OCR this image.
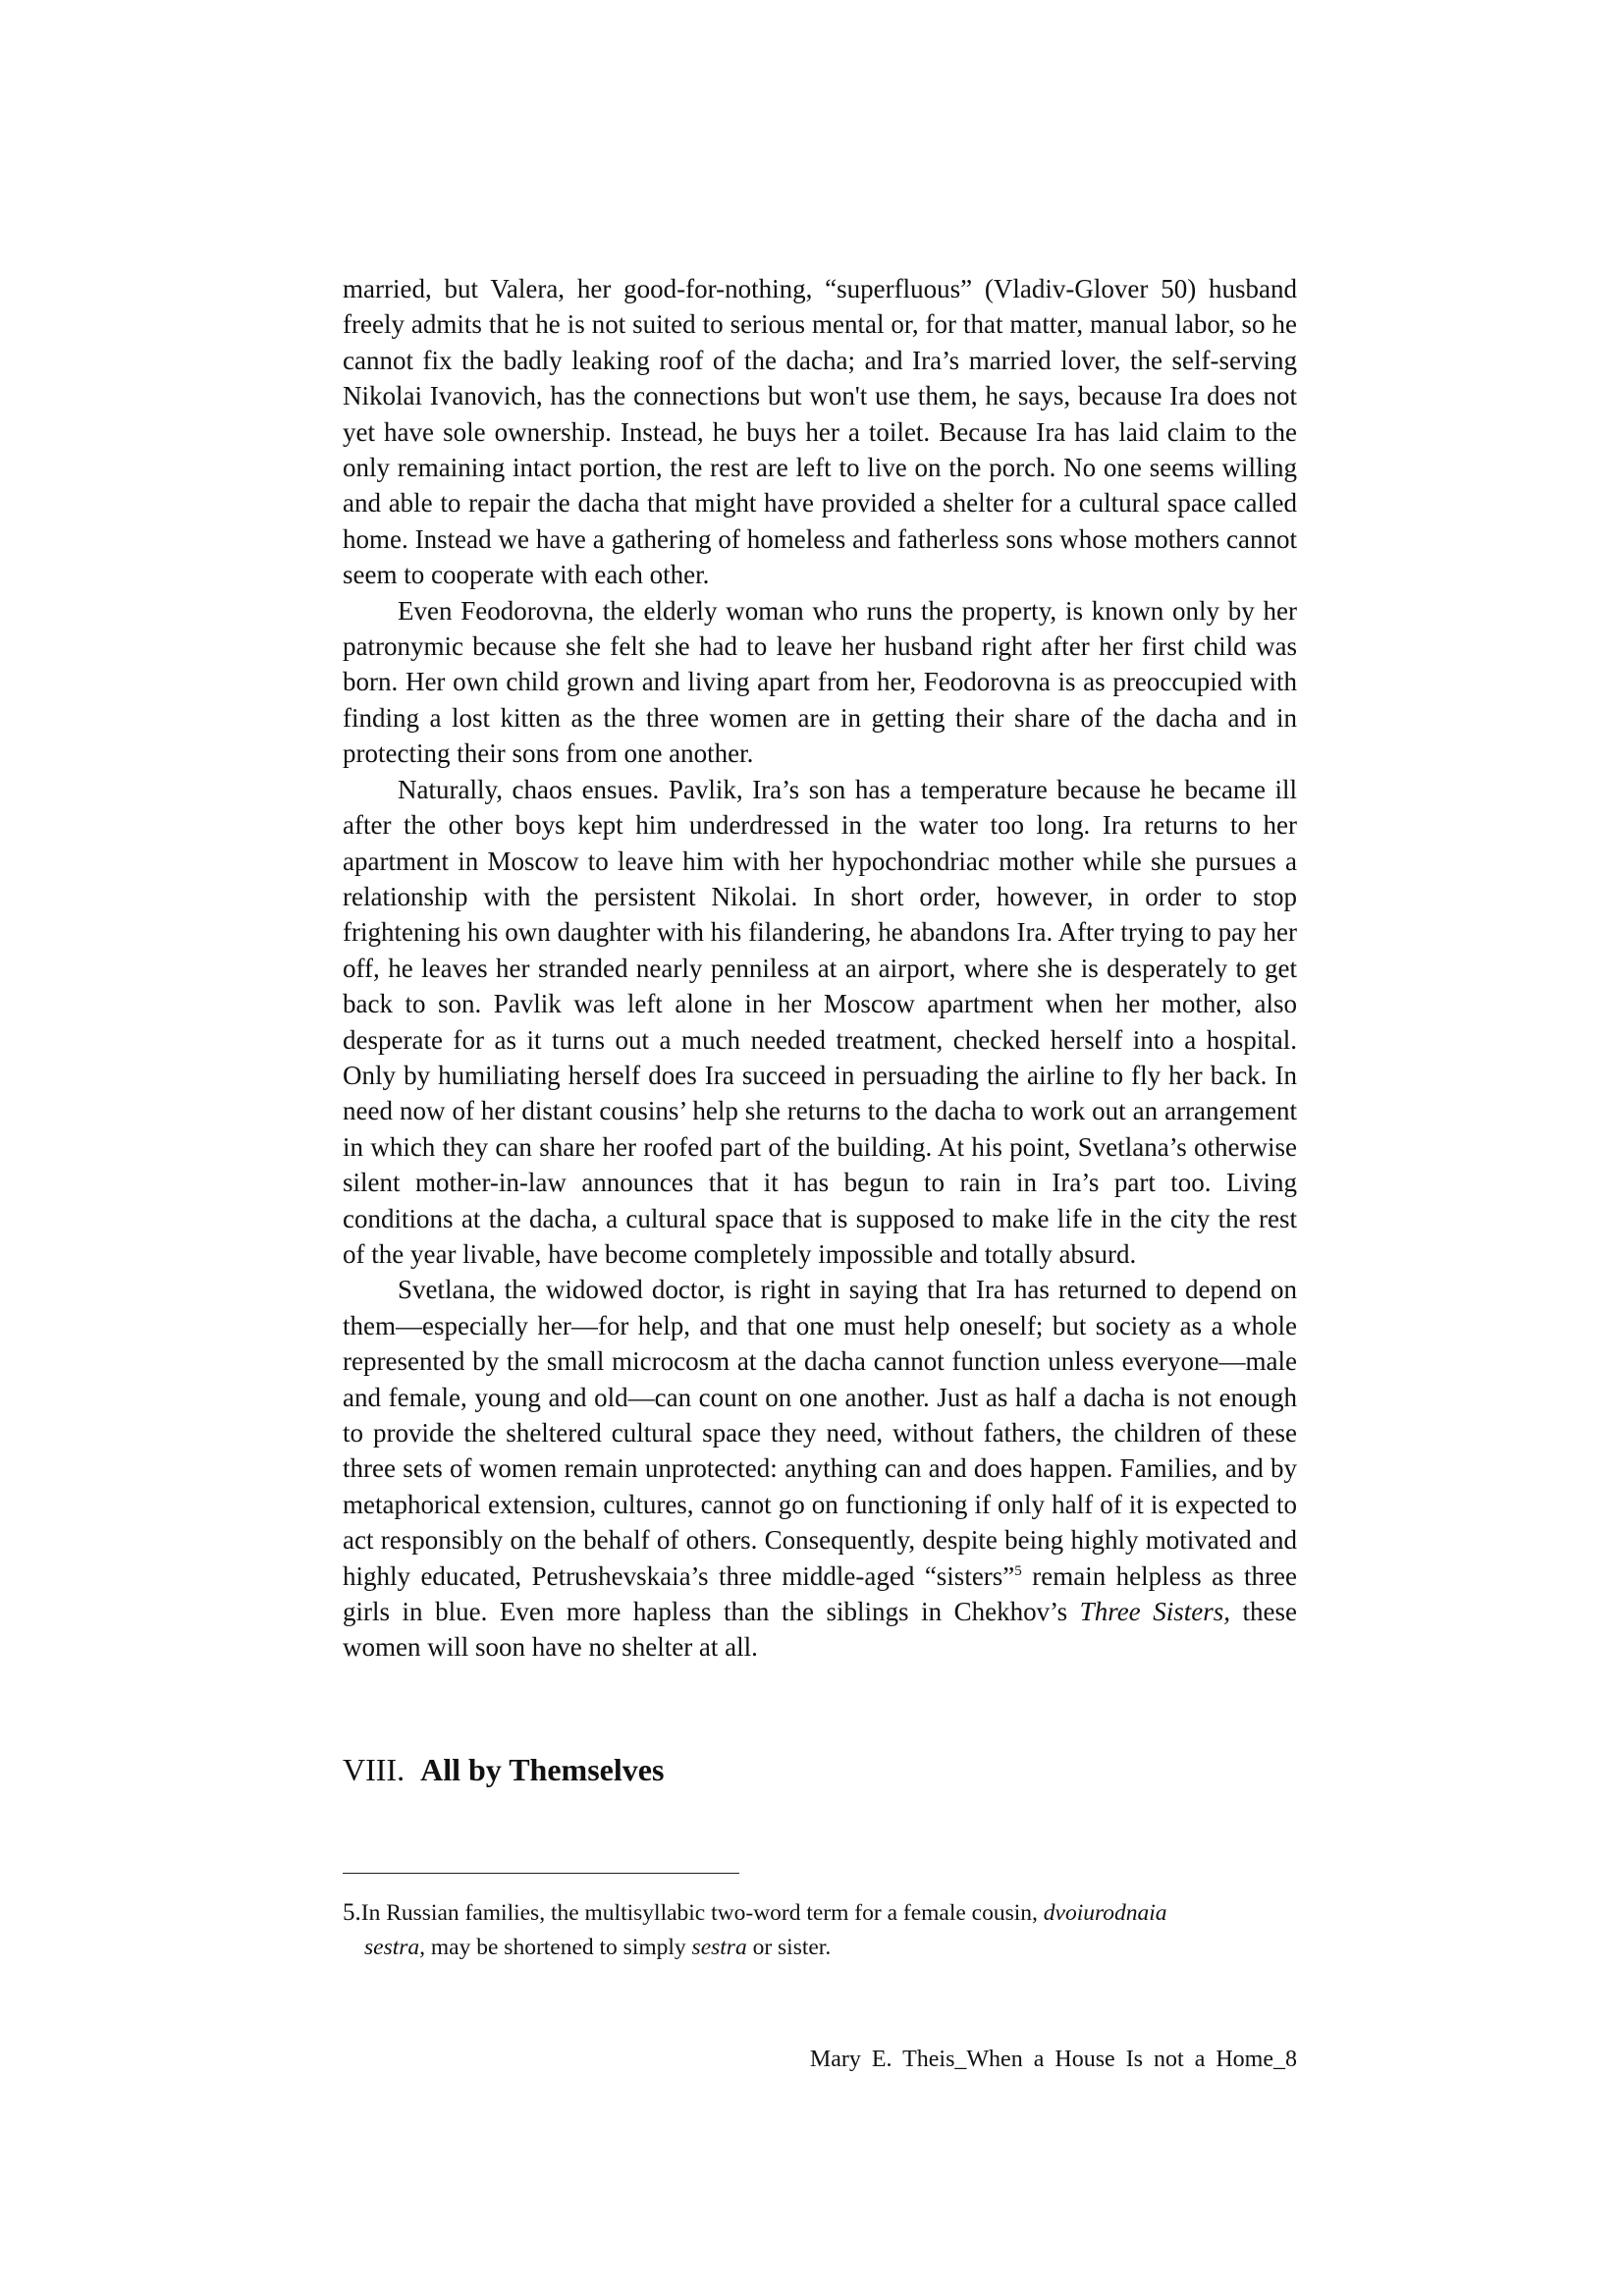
married, but Valera, her good-for-nothing, “superfluous” (Vladiv-Glover 50) husband freely admits that he is not suited to serious mental or, for that matter, manual labor, so he cannot fix the badly leaking roof of the dacha; and Ira’s married lover, the self-serving Nikolai Ivanovich, has the connections but won't use them, he says, because Ira does not yet have sole ownership. Instead, he buys her a toilet. Because Ira has laid claim to the only remaining intact portion, the rest are left to live on the porch. No one seems willing and able to repair the dacha that might have provided a shelter for a cultural space called home. Instead we have a gathering of homeless and fatherless sons whose mothers cannot seem to cooperate with each other.

Even Feodorovna, the elderly woman who runs the property, is known only by her patronymic because she felt she had to leave her husband right after her first child was born. Her own child grown and living apart from her, Feodorovna is as preoccupied with finding a lost kitten as the three women are in getting their share of the dacha and in protecting their sons from one another.

Naturally, chaos ensues. Pavlik, Ira’s son has a temperature because he became ill after the other boys kept him underdressed in the water too long. Ira returns to her apartment in Moscow to leave him with her hypochondriac mother while she pursues a relationship with the persistent Nikolai. In short order, however, in order to stop frightening his own daughter with his filandering, he abandons Ira. After trying to pay her off, he leaves her stranded nearly penniless at an airport, where she is desperately to get back to son. Pavlik was left alone in her Moscow apartment when her mother, also desperate for as it turns out a much needed treatment, checked herself into a hospital. Only by humiliating herself does Ira succeed in persuading the airline to fly her back. In need now of her distant cousins’ help she returns to the dacha to work out an arrangement in which they can share her roofed part of the building. At his point, Svetlana’s otherwise silent mother-in-law announces that it has begun to rain in Ira’s part too. Living conditions at the dacha, a cultural space that is supposed to make life in the city the rest of the year livable, have become completely impossible and totally absurd.

Svetlana, the widowed doctor, is right in saying that Ira has returned to depend on them—especially her—for help, and that one must help oneself; but society as a whole represented by the small microcosm at the dacha cannot function unless everyone—male and female, young and old—can count on one another. Just as half a dacha is not enough to provide the sheltered cultural space they need, without fathers, the children of these three sets of women remain unprotected: anything can and does happen. Families, and by metaphorical extension, cultures, cannot go on functioning if only half of it is expected to act responsibly on the behalf of others. Consequently, despite being highly motivated and highly educated, Petrushevskaia’s three middle-aged “sisters”$^5$ remain helpless as three girls in blue. Even more hapless than the siblings in Chekhov’s Three Sisters, these women will soon have no shelter at all.

VIII. All by Themselves
5.In Russian families, the multisyllabic two-word term for a female cousin, dvoiurodnaia
sestra, may be shortened to simply sestra or sister.
Mary E. Theis_When a House Is not a Home_8
